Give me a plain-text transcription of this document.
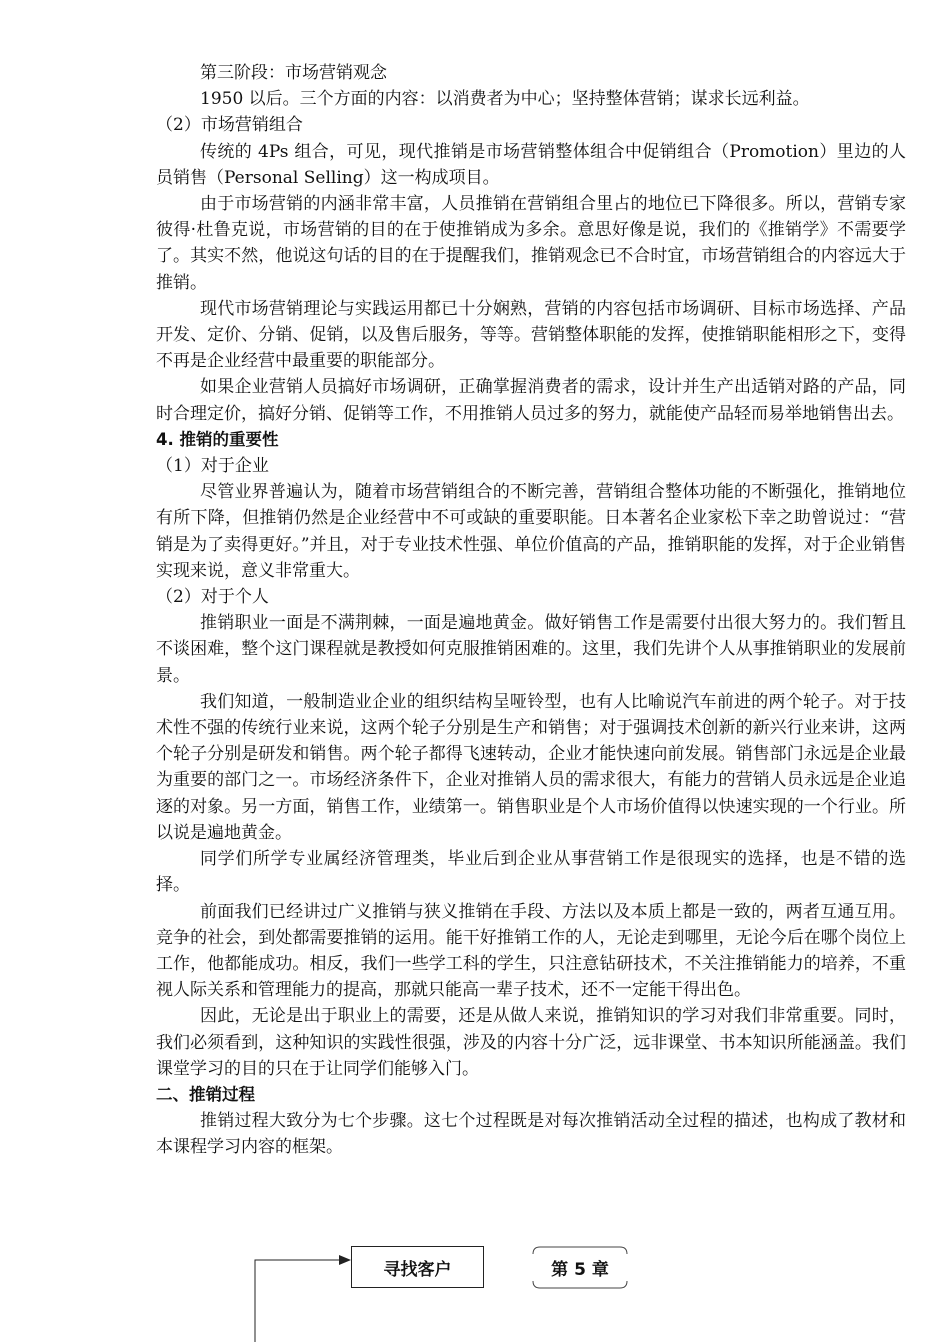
第三阶段：市场营销观念

1950 以后。三个方面的内容：以消费者为中心；坚持整体营销；谋求长远利益。

（2）市场营销组合

传统的 4Ps 组合，可见，现代推销是市场营销整体组合中促销组合（Promotion）里边的人员销售（Personal Selling）这一构成项目。

由于市场营销的内涵非常丰富，人员推销在营销组合里占的地位已下降很多。所以，营销专家彼得·杜鲁克说，市场营销的目的在于使推销成为多余。意思好像是说，我们的《推销学》不需要学了。其实不然，他说这句话的目的在于提醒我们，推销观念已不合时宜，市场营销组合的内容远大于推销。

现代市场营销理论与实践运用都已十分娴熟，营销的内容包括市场调研、目标市场选择、产品开发、定价、分销、促销，以及售后服务，等等。营销整体职能的发挥，使推销职能相形之下，变得不再是企业经营中最重要的职能部分。

如果企业营销人员搞好市场调研，正确掌握消费者的需求，设计并生产出适销对路的产品，同时合理定价，搞好分销、促销等工作，不用推销人员过多的努力，就能使产品轻而易举地销售出去。

4. 推销的重要性

（1）对于企业

尽管业界普遍认为，随着市场营销组合的不断完善，营销组合整体功能的不断强化，推销地位有所下降，但推销仍然是企业经营中不可或缺的重要职能。日本著名企业家松下幸之助曾说过：“营销是为了卖得更好。”并且，对于专业技术性强、单位价值高的产品，推销职能的发挥，对于企业销售实现来说，意义非常重大。

（2）对于个人

推销职业一面是不满荆棘，一面是遍地黄金。做好销售工作是需要付出很大努力的。我们暂且不谈困难，整个这门课程就是教授如何克服推销困难的。这里，我们先讲个人从事推销职业的发展前景。

我们知道，一般制造业企业的组织结构呈哑铃型，也有人比喻说汽车前进的两个轮子。对于技术性不强的传统行业来说，这两个轮子分别是生产和销售；对于强调技术创新的新兴行业来讲，这两个轮子分别是研发和销售。两个轮子都得飞速转动，企业才能快速向前发展。销售部门永远是企业最为重要的部门之一。市场经济条件下，企业对推销人员的需求很大，有能力的营销人员永远是企业追逐的对象。另一方面，销售工作，业绩第一。销售职业是个人市场价值得以快速实现的一个行业。所以说是遍地黄金。

同学们所学专业属经济管理类，毕业后到企业从事营销工作是很现实的选择，也是不错的选择。

前面我们已经讲过广义推销与狭义推销在手段、方法以及本质上都是一致的，两者互通互用。竞争的社会，到处都需要推销的运用。能干好推销工作的人，无论走到哪里，无论今后在哪个岗位上工作，他都能成功。相反，我们一些学工科的学生，只注意钻研技术，不关注推销能力的培养，不重视人际关系和管理能力的提高，那就只能高一辈子技术，还不一定能干得出色。

因此，无论是出于职业上的需要，还是从做人来说，推销知识的学习对我们非常重要。同时，我们必须看到，这种知识的实践性很强，涉及的内容十分广泛，远非课堂、书本知识所能涵盖。我们课堂学习的目的只在于让同学们能够入门。

二、推销过程

推销过程大致分为七个步骤。这七个过程既是对每次推销活动全过程的描述，也构成了教材和本课程学习内容的框架。

寻找客户	第 5 章
